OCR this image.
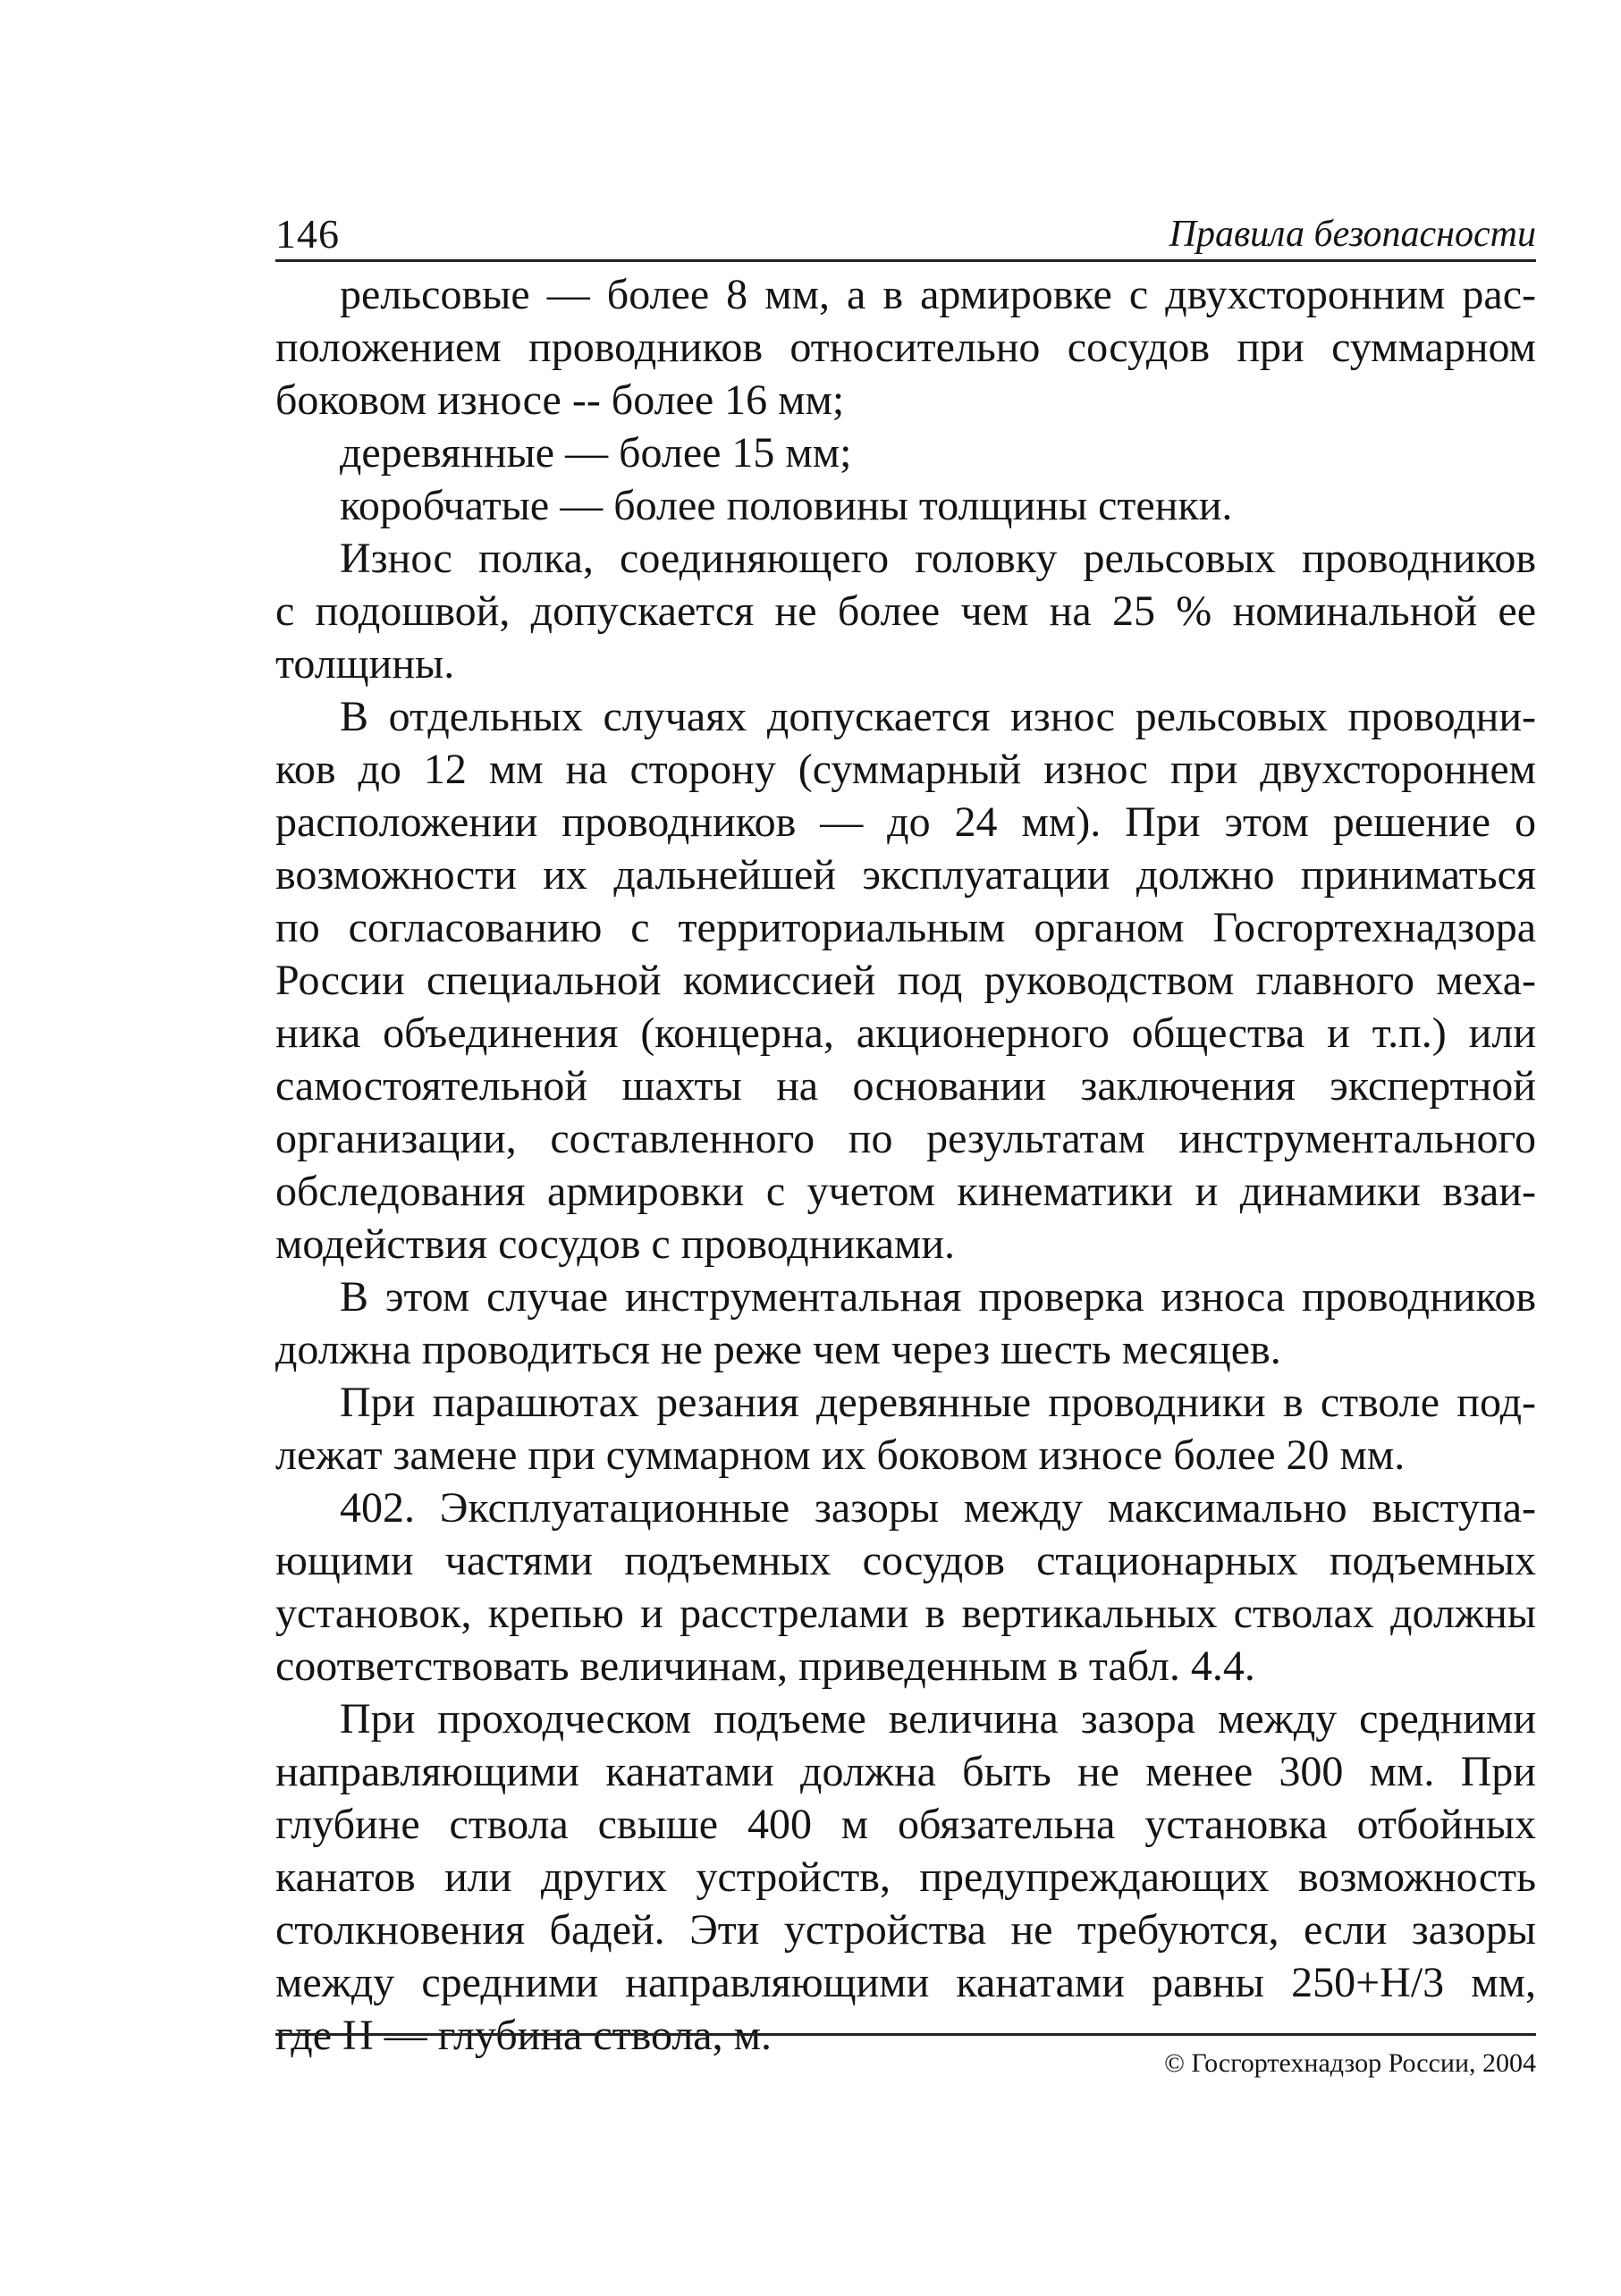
146	Правила безопасности
рельсовые — более 8 мм, а в армировке с двухсторонним рас-
положением проводников относительно сосудов при суммарном
боковом износе -- более 16 мм;
деревянные — более 15 мм;
коробчатые — более половины толщины стенки.
Износ полка, соединяющего головку рельсовых проводников
с подошвой, допускается не более чем на 25 % номинальной ее
толщины.
В отдельных случаях допускается износ рельсовых проводни-
ков до 12 мм на сторону (суммарный износ при двухстороннем
расположении проводников — до 24 мм). При этом решение о
возможности их дальнейшей эксплуатации должно приниматься
по согласованию с территориальным органом Госгортехнадзора
России специальной комиссией под руководством главного меха-
ника объединения (концерна, акционерного общества и т.п.) или
самостоятельной шахты на основании заключения экспертной
организации, составленного по результатам инструментального
обследования армировки с учетом кинематики и динамики взаи-
модействия сосудов с проводниками.
В этом случае инструментальная проверка износа проводников
должна проводиться не реже чем через шесть месяцев.
При парашютах резания деревянные проводники в стволе под-
лежат замене при суммарном их боковом износе более 20 мм.
402. Эксплуатационные зазоры между максимально выступа-
ющими частями подъемных сосудов стационарных подъемных
установок, крепью и расстрелами в вертикальных стволах должны
соответствовать величинам, приведенным в табл. 4.4.
При проходческом подъеме величина зазора между средними
направляющими канатами должна быть не менее 300 мм. При
глубине ствола свыше 400 м обязательна установка отбойных
канатов или других устройств, предупреждающих возможность
столкновения бадей. Эти устройства не требуются, если зазоры
между средними направляющими канатами равны 250+H/3 мм,
где H — глубина ствола, м.
© Госгортехнадзор России, 2004
